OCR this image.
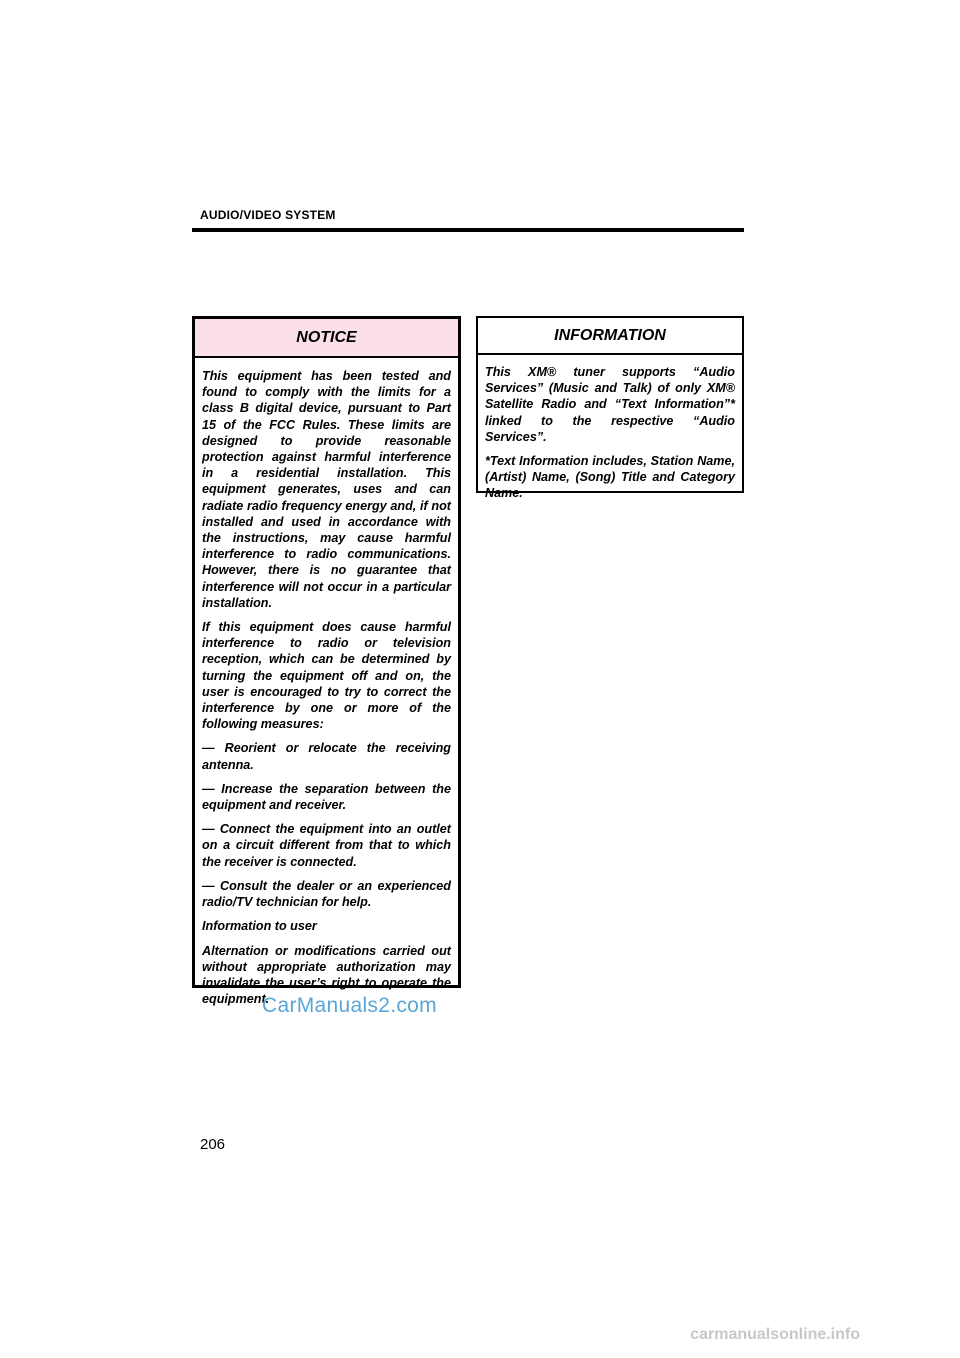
AUDIO/VIDEO SYSTEM
NOTICE

This equipment has been tested and found to comply with the limits for a class B digital device, pursuant to Part 15 of the FCC Rules. These limits are designed to provide reasonable protection against harmful interference in a residential installation. This equipment generates, uses and can radiate radio frequency energy and, if not installed and used in accordance with the instructions, may cause harmful interference to radio communications. However, there is no guarantee that interference will not occur in a particular installation.

If this equipment does cause harmful interference to radio or television reception, which can be determined by turning the equipment off and on, the user is encouraged to try to correct the interference by one or more of the following measures:

— Reorient or relocate the receiving antenna.

— Increase the separation between the equipment and receiver.

— Connect the equipment into an outlet on a circuit different from that to which the receiver is connected.

— Consult the dealer or an experienced radio/TV technician for help.

Information to user

Alternation or modifications carried out without appropriate authorization may invalidate the user’s right to operate the equipment.

INFORMATION

This XM® tuner supports “Audio Services” (Music and Talk) of only XM® Satellite Radio and “Text Information”* linked to the respective “Audio Services”.

*Text Information includes, Station Name, (Artist) Name, (Song) Title and Category Name.

CarManuals2.com
206
carmanualsonline.info
